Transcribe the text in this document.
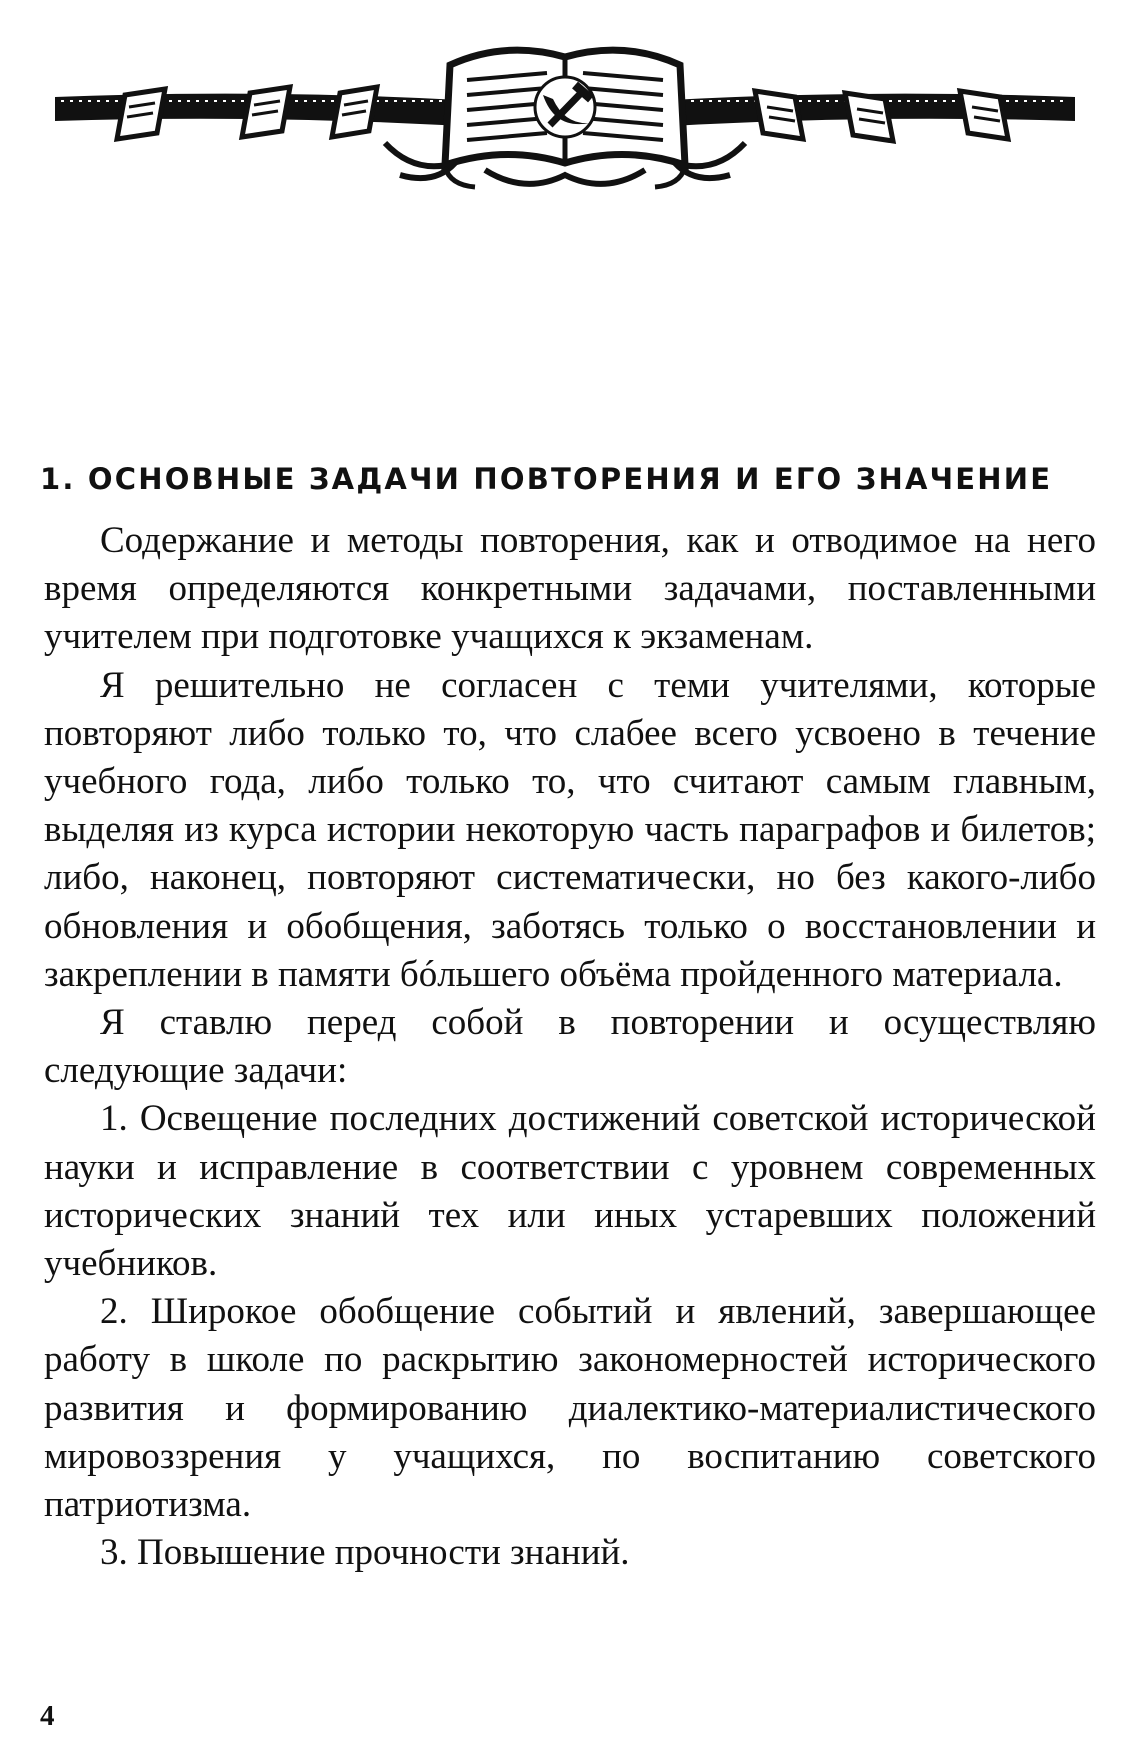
1. ОСНОВНЫЕ ЗАДАЧИ ПОВТОРЕНИЯ И ЕГО ЗНАЧЕНИЕ

Содержание и методы повторения, как и отводимое на него время определяются конкретными задачами, поставленными учителем при подготовке учащихся к экзаменам.

Я решительно не согласен с теми учителями, которые повторяют либо только то, что слабее всего усвоено в течение учебного года, либо только то, что считают самым главным, выделяя из курса истории некоторую часть параграфов и билетов; либо, наконец, повторяют систематически, но без какого-либо обновления и обобщения, заботясь только о восстановлении и закреплении в памяти бóльшего объёма пройденного материала.

Я ставлю перед собой в повторении и осуществляю следующие задачи:

1. Освещение последних достижений советской исторической науки и исправление в соответствии с уровнем современных исторических знаний тех или иных устаревших положений учебников.

2. Широкое обобщение событий и явлений, завершающее работу в школе по раскрытию закономерностей исторического развития и формированию диалектико-материалистического мировоззрения у учащихся, по воспитанию советского патриотизма.

3. Повышение прочности знаний.

4
